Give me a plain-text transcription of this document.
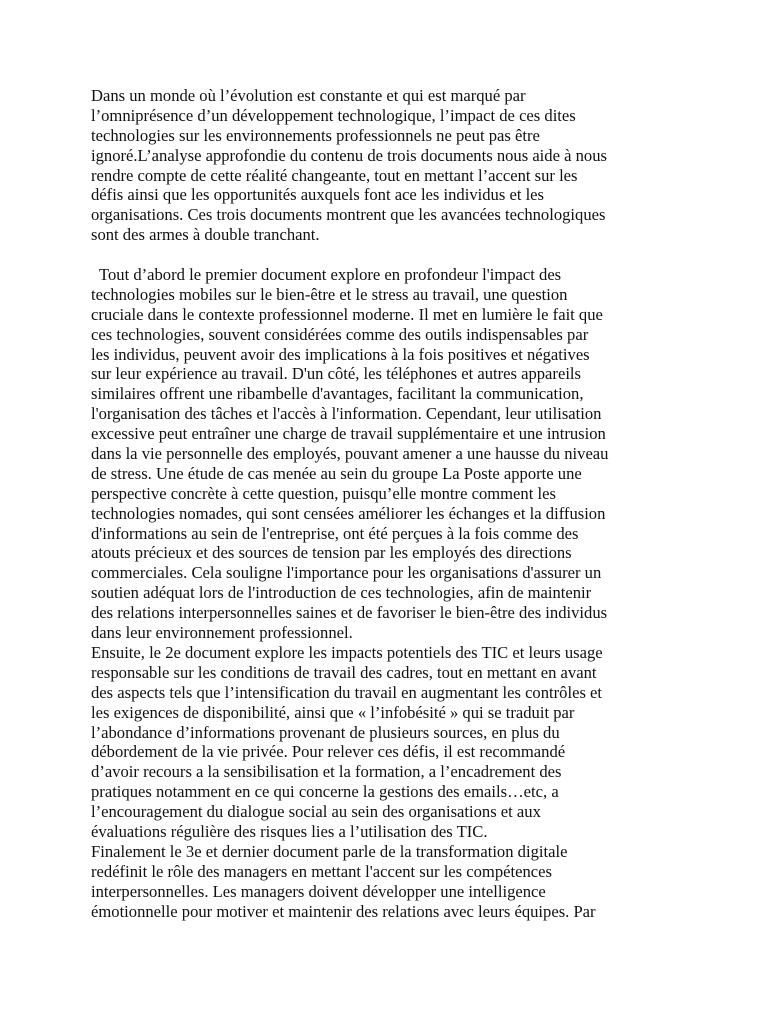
Dans un monde où l’évolution est constante et qui est marqué par
l’omniprésence d’un développement technologique, l’impact de ces dites
technologies sur les environnements professionnels ne peut pas être
ignoré.L’analyse approfondie du contenu de trois documents nous aide à nous
rendre compte de cette réalité changeante, tout en mettant l’accent sur les
défis ainsi que les opportunités auxquels font ace les individus et les
organisations. Ces trois documents montrent que les avancées technologiques
sont des armes à double tranchant.
Tout d’abord le premier document explore en profondeur l'impact des
technologies mobiles sur le bien-être et le stress au travail, une question
cruciale dans le contexte professionnel moderne. Il met en lumière le fait que
ces technologies, souvent considérées comme des outils indispensables par
les individus, peuvent avoir des implications à la fois positives et négatives
sur leur expérience au travail. D'un côté, les téléphones et autres appareils
similaires offrent une ribambelle d'avantages, facilitant la communication,
l'organisation des tâches et l'accès à l'information. Cependant, leur utilisation
excessive peut entraîner une charge de travail supplémentaire et une intrusion
dans la vie personnelle des employés, pouvant amener a une hausse du niveau
de stress. Une étude de cas menée au sein du groupe La Poste apporte une
perspective concrète à cette question, puisqu’elle montre comment les
technologies nomades, qui sont censées améliorer les échanges et la diffusion
d'informations au sein de l'entreprise, ont été perçues à la fois comme des
atouts précieux et des sources de tension par les employés des directions
commerciales. Cela souligne l'importance pour les organisations d'assurer un
soutien adéquat lors de l'introduction de ces technologies, afin de maintenir
des relations interpersonnelles saines et de favoriser le bien-être des individus
dans leur environnement professionnel.
Ensuite, le 2e document explore les impacts potentiels des TIC et leurs usage
responsable sur les conditions de travail des cadres, tout en mettant en avant
des aspects tels que l’intensification du travail en augmentant les contrôles et
les exigences de disponibilité, ainsi que « l’infobésité » qui se traduit par
l’abondance d’informations provenant de plusieurs sources, en plus du
débordement de la vie privée. Pour relever ces défis, il est recommandé
d’avoir recours a la sensibilisation et la formation, a l’encadrement des
pratiques notamment en ce qui concerne la gestions des emails…etc, a
l’encouragement du dialogue social au sein des organisations et aux
évaluations régulière des risques lies a l’utilisation des TIC.
Finalement le 3e et dernier document parle de la transformation digitale
redéfinit le rôle des managers en mettant l'accent sur les compétences
interpersonnelles. Les managers doivent développer une intelligence
émotionnelle pour motiver et maintenir des relations avec leurs équipes. Par
